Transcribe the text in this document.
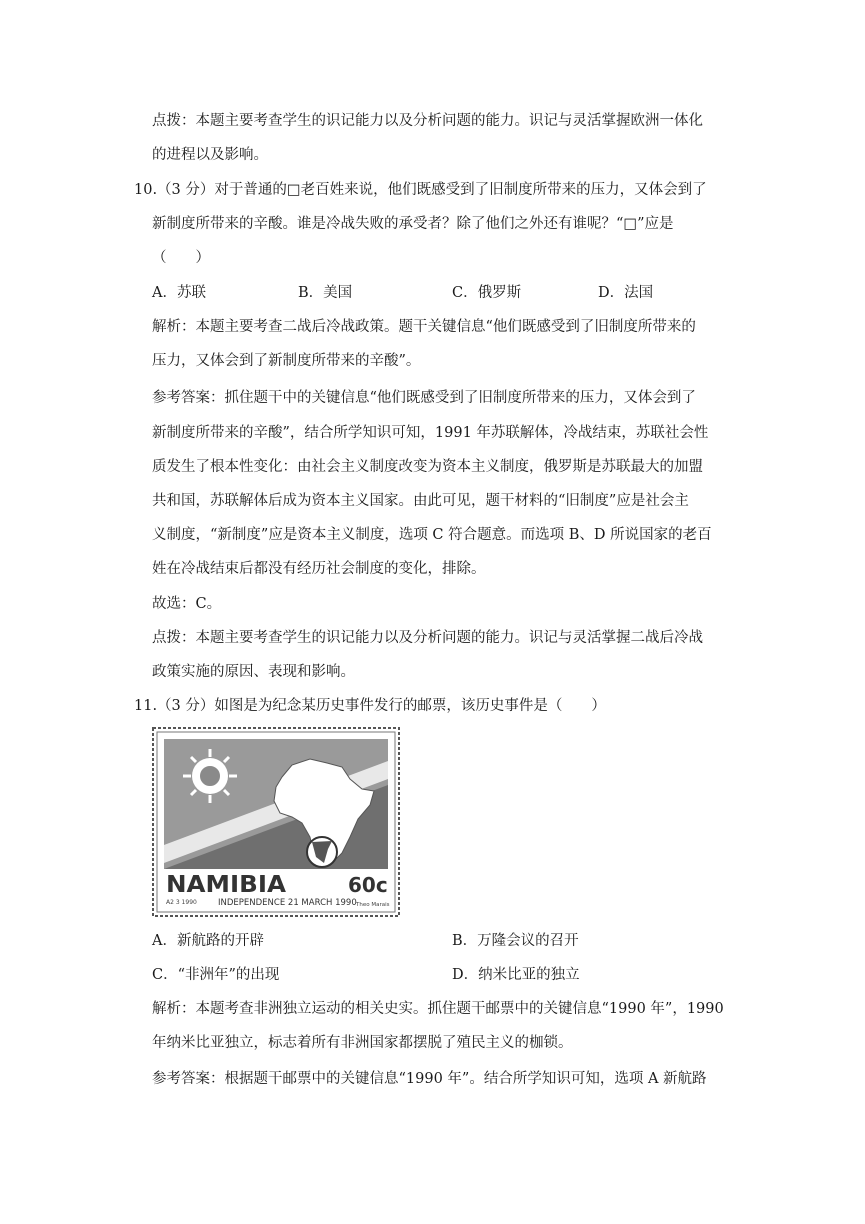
点拨：本题主要考查学生的识记能力以及分析问题的能力。识记与灵活掌握欧洲一体化
的进程以及影响。
10.（3 分）对于普通的□老百姓来说，他们既感受到了旧制度所带来的压力，又体会到了
新制度所带来的辛酸。谁是冷战失败的承受者？除了他们之外还有谁呢？“□”应是
（　　）
A．苏联	B．美国	C．俄罗斯	D．法国
解析：本题主要考查二战后冷战政策。题干关键信息“他们既感受到了旧制度所带来的
压力，又体会到了新制度所带来的辛酸”。
参考答案：抓住题干中的关键信息“他们既感受到了旧制度所带来的压力，又体会到了
新制度所带来的辛酸”，结合所学知识可知，1991 年苏联解体，冷战结束，苏联社会性
质发生了根本性变化：由社会主义制度改变为资本主义制度，俄罗斯是苏联最大的加盟
共和国，苏联解体后成为资本主义国家。由此可见，题干材料的“旧制度”应是社会主
义制度，“新制度”应是资本主义制度，选项 C 符合题意。而选项 B、D 所说国家的老百
姓在冷战结束后都没有经历社会制度的变化，排除。
故选：C。
点拨：本题主要考查学生的识记能力以及分析问题的能力。识记与灵活掌握二战后冷战
政策实施的原因、表现和影响。
11.（3 分）如图是为纪念某历史事件发行的邮票，该历史事件是（　　）
NAMIBIA	60c
A2 3 1990 INDEPENDENCE 21 MARCH 1990 Theo Marais
A．新航路的开辟	B．万隆会议的召开
C．“非洲年”的出现	D．纳米比亚的独立
解析：本题考查非洲独立运动的相关史实。抓住题干邮票中的关键信息“1990 年”，1990
年纳米比亚独立，标志着所有非洲国家都摆脱了殖民主义的枷锁。
参考答案：根据题干邮票中的关键信息“1990 年”。结合所学知识可知，选项 A 新航路
